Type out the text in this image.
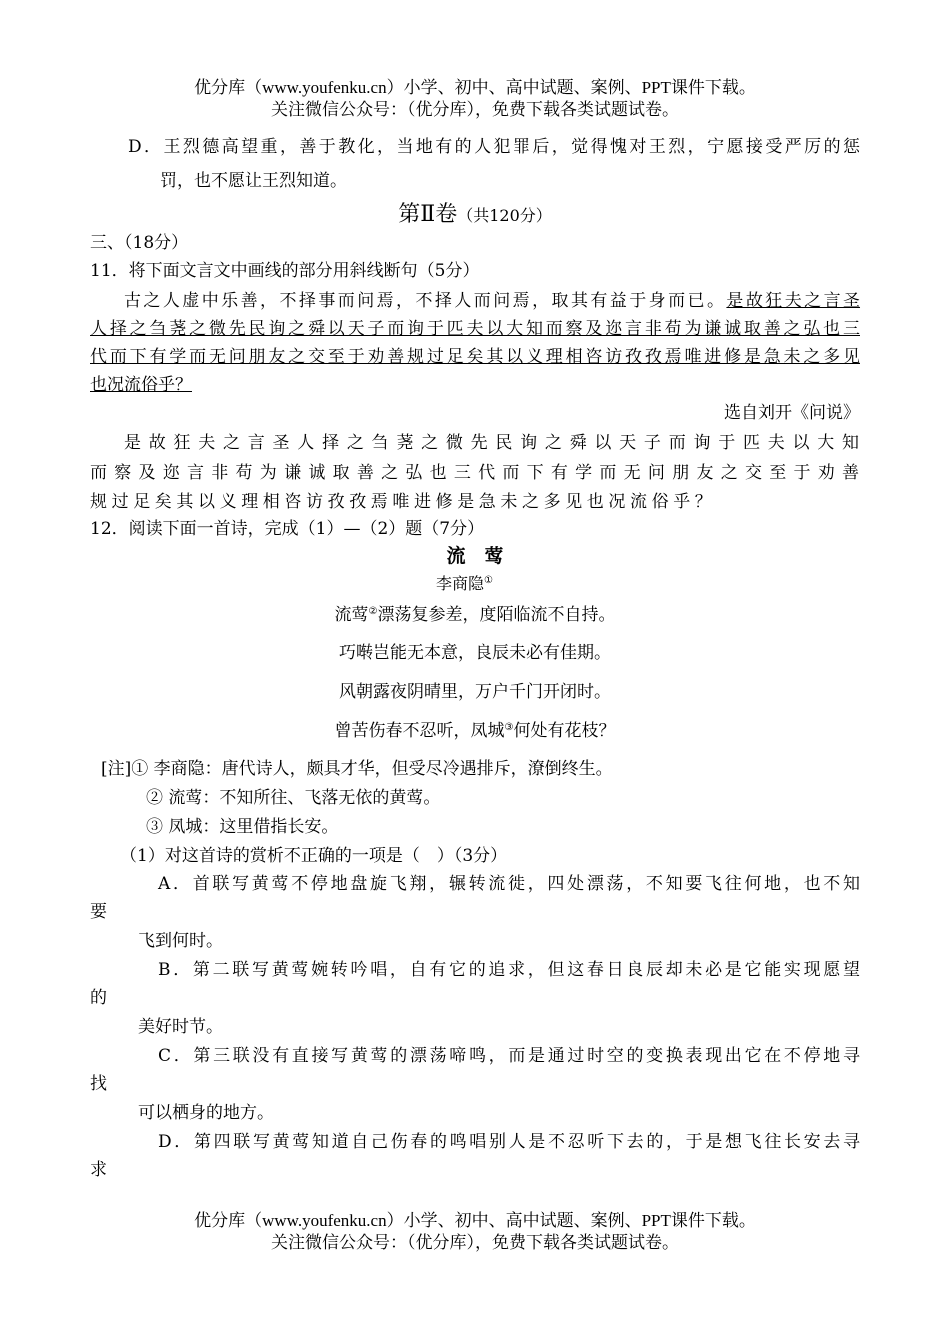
优分库（www.youfenku.cn）小学、初中、高中试题、案例、PPT课件下载。
关注微信公众号：（优分库），免费下载各类试题试卷。
D．王烈德高望重，善于教化，当地有的人犯罪后，觉得愧对王烈，宁愿接受严厉的惩
罚，也不愿让王烈知道。
第Ⅱ卷（共120分）
三、（18分）
11．将下面文言文中画线的部分用斜线断句（5分）
古之人虚中乐善，不择事而问焉，不择人而问焉，取其有益于身而已。是故狂夫之言圣
人择之刍荛之微先民询之舜以天子而询于匹夫以大知而察及迩言非苟为谦诚取善之弘也三
代而下有学而无问朋友之交至于劝善规过足矣其以义理相咨访孜孜焉唯进修是急未之多见
也况流俗乎？
选自刘开《问说》
是故狂夫之言圣人择之刍荛之微先民询之舜以天子而询于匹夫以大知
而察及迩言非苟为谦诚取善之弘也三代而下有学而无问朋友之交至于劝善
规过足矣其以义理相咨访孜孜焉唯进修是急未之多见也况流俗乎？
12．阅读下面一首诗，完成（1）—（2）题（7分）
流　莺
李商隐①
流莺②漂荡复参差，度陌临流不自持。
巧啭岂能无本意，良辰未必有佳期。
风朝露夜阴晴里，万户千门开闭时。
曾苦伤春不忍听，凤城③何处有花枝？
[注]① 李商隐：唐代诗人，颇具才华，但受尽冷遇排斥，潦倒终生。
② 流莺：不知所往、飞落无依的黄莺。
③ 凤城：这里借指长安。
（1）对这首诗的赏析不正确的一项是（　）（3分）
A．首联写黄莺不停地盘旋飞翔，辗转流徙，四处漂荡，不知要飞往何地，也不知
要
飞到何时。
B．第二联写黄莺婉转吟唱，自有它的追求，但这春日良辰却未必是它能实现愿望
的
美好时节。
C．第三联没有直接写黄莺的漂荡啼鸣，而是通过时空的变换表现出它在不停地寻
找
可以栖身的地方。
D．第四联写黄莺知道自己伤春的鸣唱别人是不忍听下去的，于是想飞往长安去寻
求
优分库（www.youfenku.cn）小学、初中、高中试题、案例、PPT课件下载。
关注微信公众号：（优分库），免费下载各类试题试卷。
